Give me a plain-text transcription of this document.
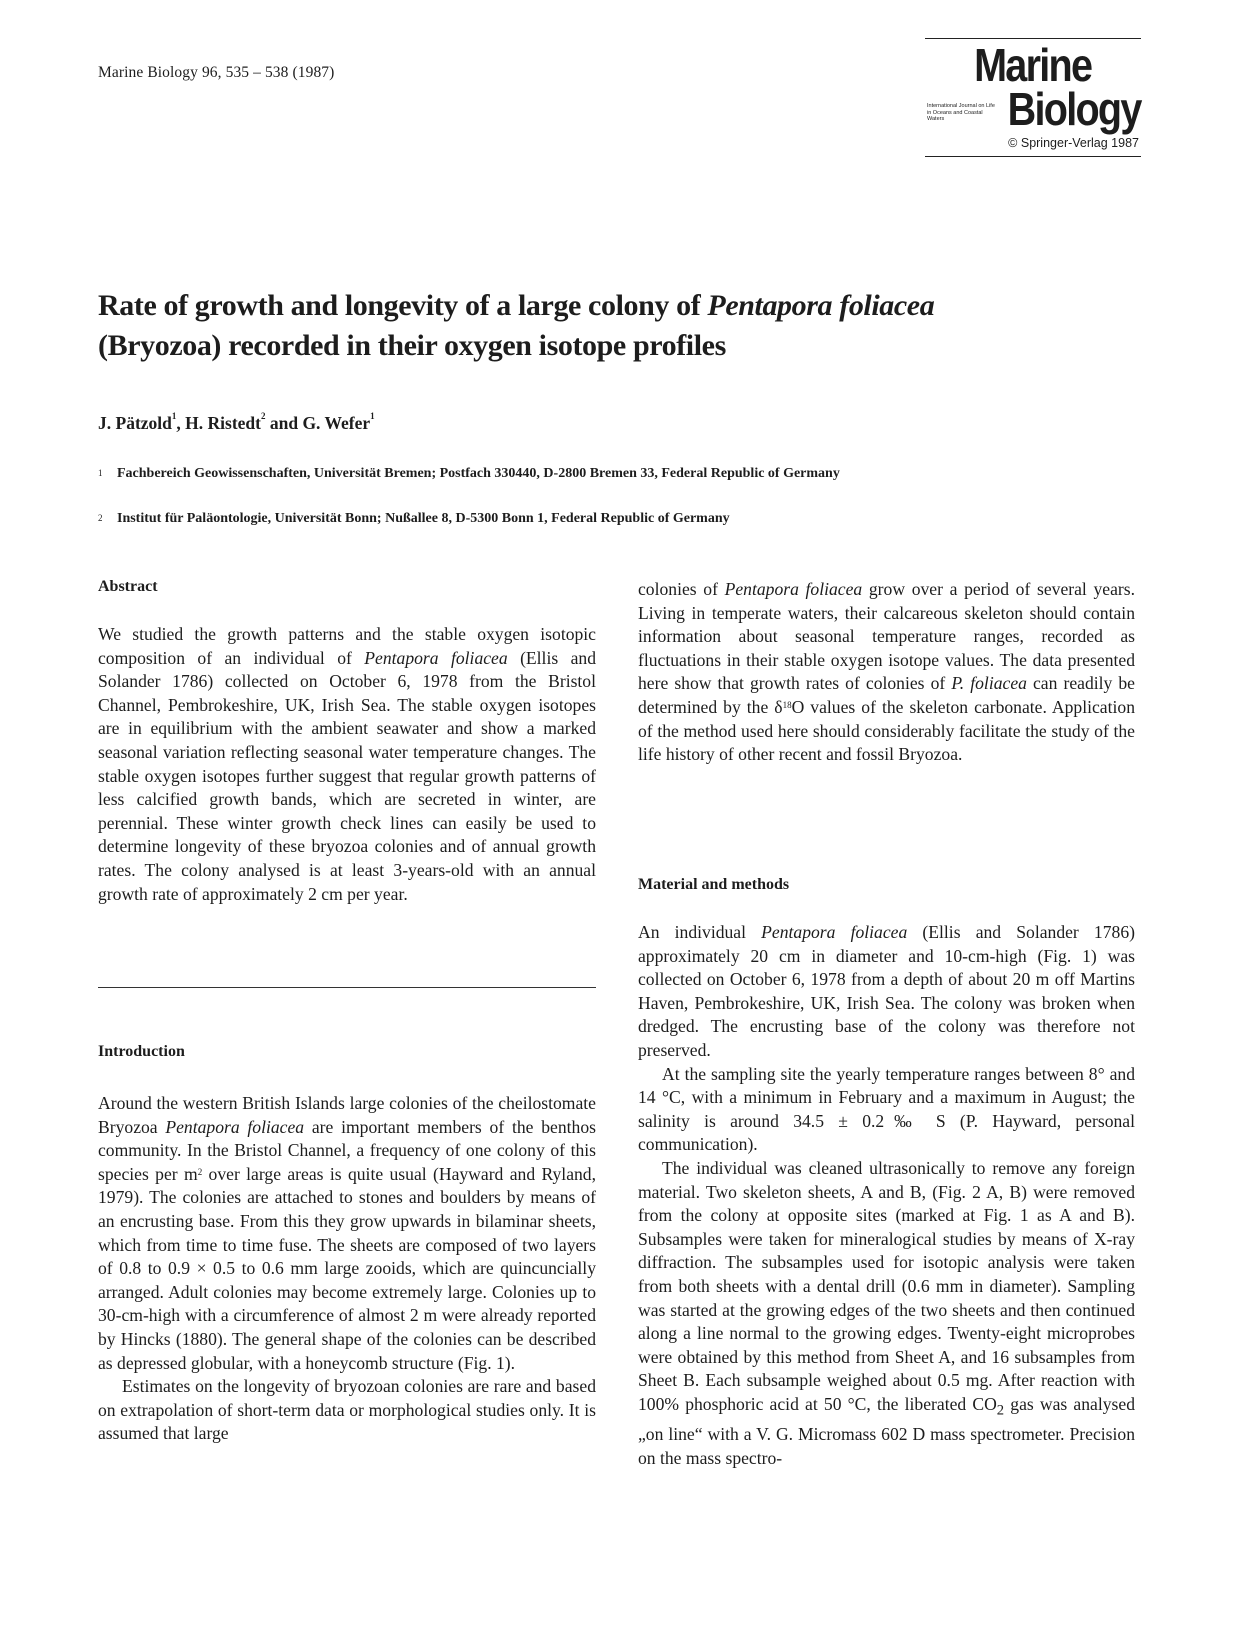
Marine Biology 96, 535 – 538 (1987)	Marine
International Journal on Life in Oceans and Coastal Waters	Biology
© Springer-Verlag 1987
Rate of growth and longevity of a large colony of Pentapora foliacea
(Bryozoa) recorded in their oxygen isotope profiles
J. Pätzold$^1$, H. Ristedt$^2$ and G. Wefer$^1$
1 Fachbereich Geowissenschaften, Universität Bremen; Postfach 330440, D-2800 Bremen 33, Federal Republic of Germany
2 Institut für Paläontologie, Universität Bonn; Nußallee 8, D-5300 Bonn 1, Federal Republic of Germany
Abstract

We studied the growth patterns and the stable oxygen isotopic composition of an individual of Pentapora foliacea (Ellis and Solander 1786) collected on October 6, 1978 from the Bristol Channel, Pembrokeshire, UK, Irish Sea. The stable oxygen isotopes are in equilibrium with the ambient seawater and show a marked seasonal variation reflecting seasonal water temperature changes. The stable oxygen isotopes further suggest that regular growth patterns of less calcified growth bands, which are secreted in winter, are perennial. These winter growth check lines can easily be used to determine longevity of these bryozoa colonies and of annual growth rates. The colony analysed is at least 3-years-old with an annual growth rate of approximately 2 cm per year.

Introduction

Around the western British Islands large colonies of the cheilostomate Bryozoa Pentapora foliacea are important members of the benthos community. In the Bristol Channel, a frequency of one colony of this species per $m^2$ over large areas is quite usual (Hayward and Ryland, 1979). The colonies are attached to stones and boulders by means of an encrusting base. From this they grow upwards in bilaminar sheets, which from time to time fuse. The sheets are composed of two layers of 0.8 to 0.9 × 0.5 to 0.6 mm large zooids, which are quincuncially arranged. Adult colonies may become extremely large. Colonies up to 30-cm-high with a circumference of almost 2 m were already reported by Hincks (1880). The general shape of the colonies can be described as depressed globular, with a honeycomb structure (Fig. 1).

Estimates on the longevity of bryozoan colonies are rare and based on extrapolation of short-term data or morphological studies only. It is assumed that large

colonies of Pentapora foliacea grow over a period of several years. Living in temperate waters, their calcareous skeleton should contain information about seasonal temperature ranges, recorded as fluctuations in their stable oxygen isotope values. The data presented here show that growth rates of colonies of P. foliacea can readily be determined by the $\delta^{18}O$ values of the skeleton carbonate. Application of the method used here should considerably facilitate the study of the life history of other recent and fossil Bryozoa.

Material and methods

An individual Pentapora foliacea (Ellis and Solander 1786) approximately 20 cm in diameter and 10-cm-high (Fig. 1) was collected on October 6, 1978 from a depth of about 20 m off Martins Haven, Pembrokeshire, UK, Irish Sea. The colony was broken when dredged. The encrusting base of the colony was therefore not preserved.

At the sampling site the yearly temperature ranges between 8° and 14 °C, with a minimum in February and a maximum in August; the salinity is around 34.5 ± 0.2‰ S (P. Hayward, personal communication).

The individual was cleaned ultrasonically to remove any foreign material. Two skeleton sheets, A and B, (Fig. 2 A, B) were removed from the colony at opposite sites (marked at Fig. 1 as A and B). Subsamples were taken for mineralogical studies by means of X-ray diffraction. The subsamples used for isotopic analysis were taken from both sheets with a dental drill (0.6 mm in diameter). Sampling was started at the growing edges of the two sheets and then continued along a line normal to the growing edges. Twenty-eight microprobes were obtained by this method from Sheet A, and 16 subsamples from Sheet B. Each subsample weighed about 0.5 mg. After reaction with 100% phosphoric acid at 50 °C, the liberated $CO_2$ gas was analysed „on line“ with a V. G. Micromass 602 D mass spectrometer. Precision on the mass spectro-
